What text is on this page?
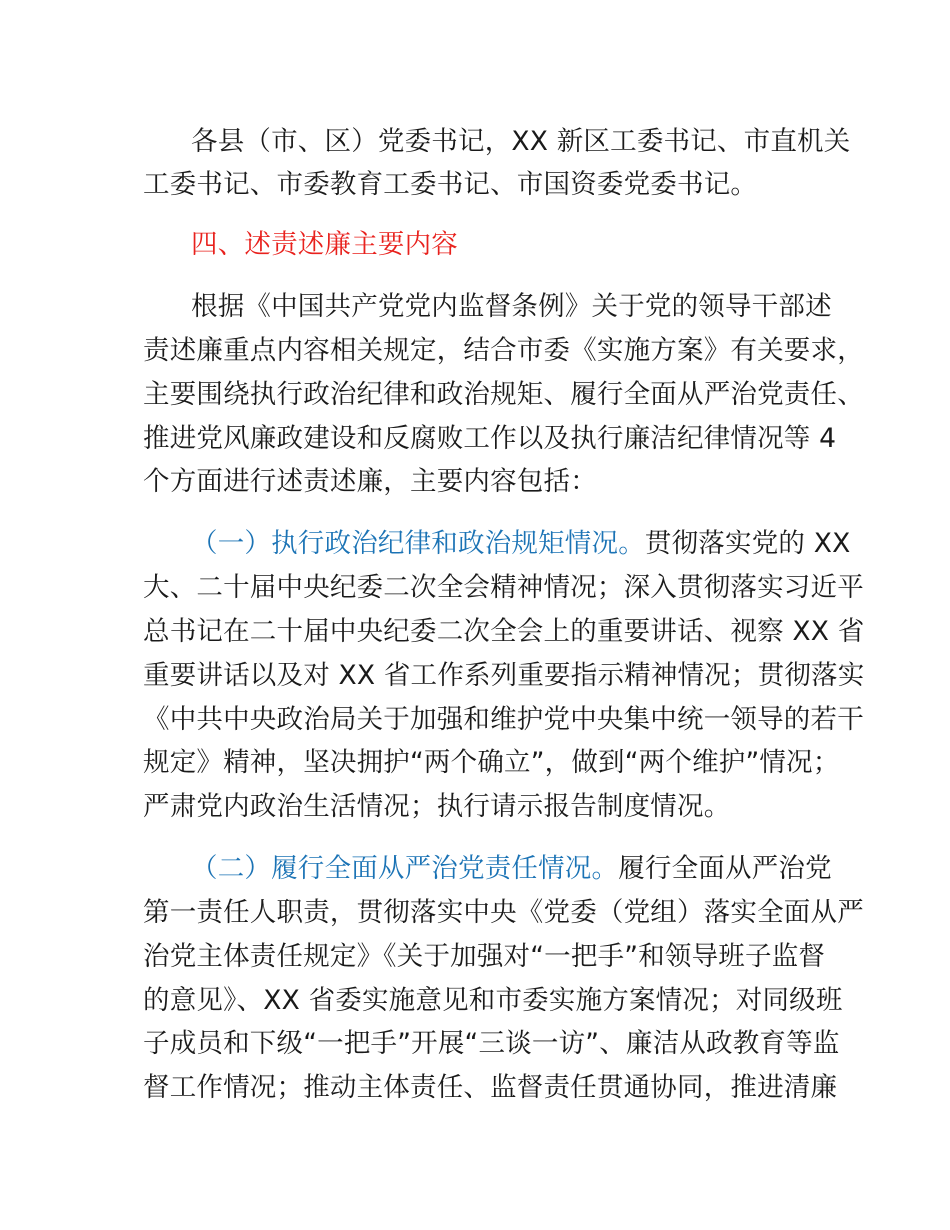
各县（市、区）党委书记，XX 新区工委书记、市直机关
工委书记、市委教育工委书记、市国资委党委书记。
四、述责述廉主要内容
根据《中国共产党党内监督条例》关于党的领导干部述
责述廉重点内容相关规定，结合市委《实施方案》有关要求，
主要围绕执行政治纪律和政治规矩、履行全面从严治党责任、
推进党风廉政建设和反腐败工作以及执行廉洁纪律情况等 4
个方面进行述责述廉，主要内容包括：
（一）执行政治纪律和政治规矩情况。贯彻落实党的 XX
大、二十届中央纪委二次全会精神情况；深入贯彻落实习近平
总书记在二十届中央纪委二次全会上的重要讲话、视察 XX 省
重要讲话以及对 XX 省工作系列重要指示精神情况；贯彻落实
《中共中央政治局关于加强和维护党中央集中统一领导的若干
规定》精神，坚决拥护“两个确立”，做到“两个维护”情况；
严肃党内政治生活情况；执行请示报告制度情况。
（二）履行全面从严治党责任情况。履行全面从严治党
第一责任人职责，贯彻落实中央《党委（党组）落实全面从严
治党主体责任规定》《关于加强对“一把手”和领导班子监督
的意见》、XX 省委实施意见和市委实施方案情况；对同级班
子成员和下级“一把手”开展“三谈一访”、廉洁从政教育等监
督工作情况；推动主体责任、监督责任贯通协同，推进清廉
